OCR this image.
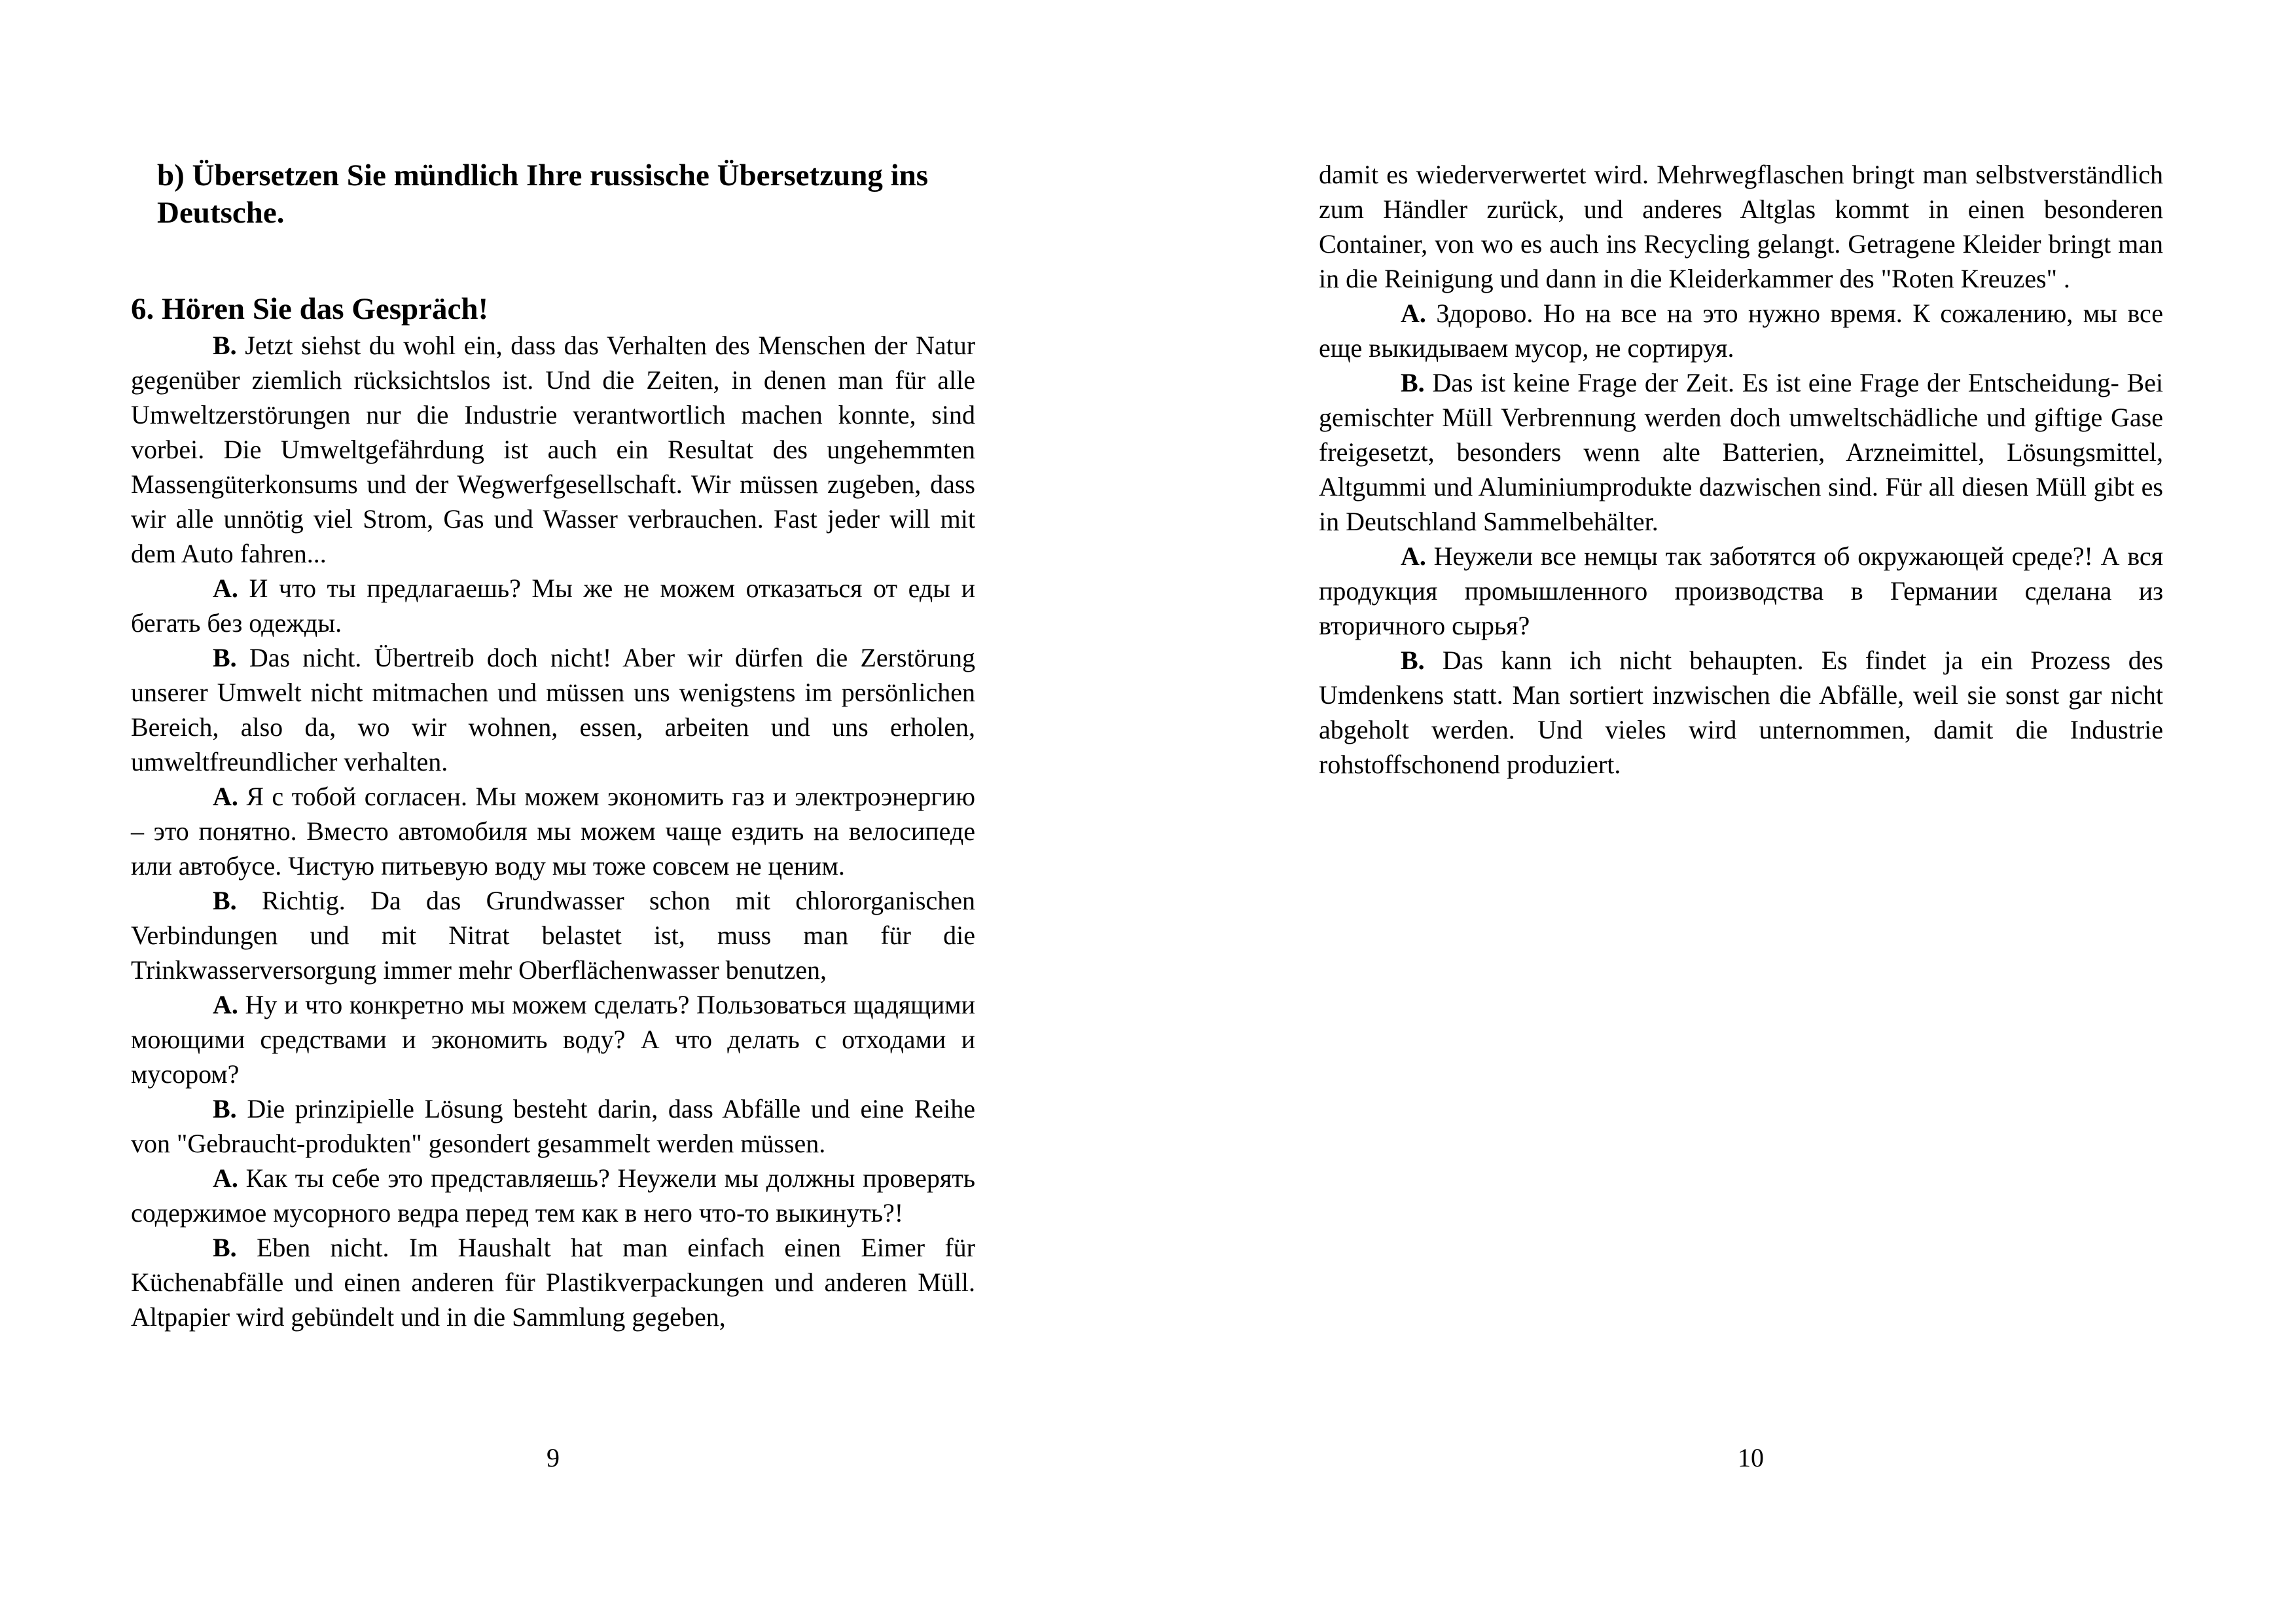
b) Übersetzen Sie mündlich Ihre russische Übersetzung ins
Deutsche.
6. Hören Sie das Gespräch!

B. Jetzt siehst du wohl ein, dass das Verhalten des Menschen der Natur gegenüber ziemlich rücksichtslos ist. Und die Zeiten, in denen man für alle Umweltzerstörungen nur die Industrie verantwortlich machen konnte, sind vorbei. Die Umweltgefährdung ist auch ein Resultat des ungehemmten Massengüterkonsums und der Wegwerfgesellschaft. Wir müssen zugeben, dass wir alle unnötig viel Strom, Gas und Wasser verbrauchen. Fast jeder will mit dem Auto fahren...

A. И что ты предлагаешь? Мы же не можем отказаться от еды и бегать без одежды.

B. Das nicht. Übertreib doch nicht! Aber wir dürfen die Zerstörung unserer Umwelt nicht mitmachen und müssen uns wenigstens im persönlichen Bereich, also da, wo wir wohnen, essen, arbeiten und uns erholen, umweltfreundlicher verhalten.

A. Я с тобой согласен. Мы можем экономить газ и электроэнергию – это понятно. Вместо автомобиля мы можем чаще ездить на велосипеде или автобусе. Чистую питьевую воду мы тоже совсем не ценим.

B. Richtig. Da das Grundwasser schon mit chlororganischen Verbindungen und mit Nitrat belastet ist, muss man für die Trinkwasserversorgung immer mehr Oberflächenwasser benutzen,

A. Ну и что конкретно мы можем сделать? Пользоваться щадящими моющими средствами и экономить воду? А что делать с отходами и мусором?

B. Die prinzipielle Lösung besteht darin, dass Abfälle und eine Reihe von "Gebraucht-produkten" gesondert gesammelt werden müssen.

A. Как ты себе это представляешь? Неужели мы должны проверять содержимое мусорного ведра перед тем как в него что-то выкинуть?!

B. Eben nicht. Im Haushalt hat man einfach einen Eimer für Küchenabfälle und einen anderen für Plastikverpackungen und anderen Müll. Altpapier wird gebündelt und in die Sammlung gegeben,

damit es wiederverwertet wird. Mehrwegflaschen bringt man selbstverständlich zum Händler zurück, und anderes Altglas kommt in einen besonderen Container, von wo es auch ins Recycling gelangt. Getragene Kleider bringt man in die Reinigung und dann in die Kleiderkammer des "Roten Kreuzes" .

A. Здорово. Но на все на это нужно время. К сожалению, мы все еще выкидываем мусор, не сортируя.

B. Das ist keine Frage der Zeit. Es ist eine Frage der Entscheidung- Bei gemischter Müll Verbrennung werden doch umweltschädliche und giftige Gase freigesetzt, besonders wenn alte Batterien, Arzneimittel, Lösungsmittel, Altgummi und Aluminiumprodukte dazwischen sind. Für all diesen Müll gibt es in Deutschland Sammelbehälter.

A. Неужели все немцы так заботятся об окружающей среде?! А вся продукция промышленного производства в Германии сделана из вторичного сырья?

B. Das kann ich nicht behaupten. Es findet ja ein Prozess des Umdenkens statt. Man sortiert inzwischen die Abfälle, weil sie sonst gar nicht abgeholt werden. Und vieles wird unternommen, damit die Industrie rohstoffschonend produziert.

9	10
